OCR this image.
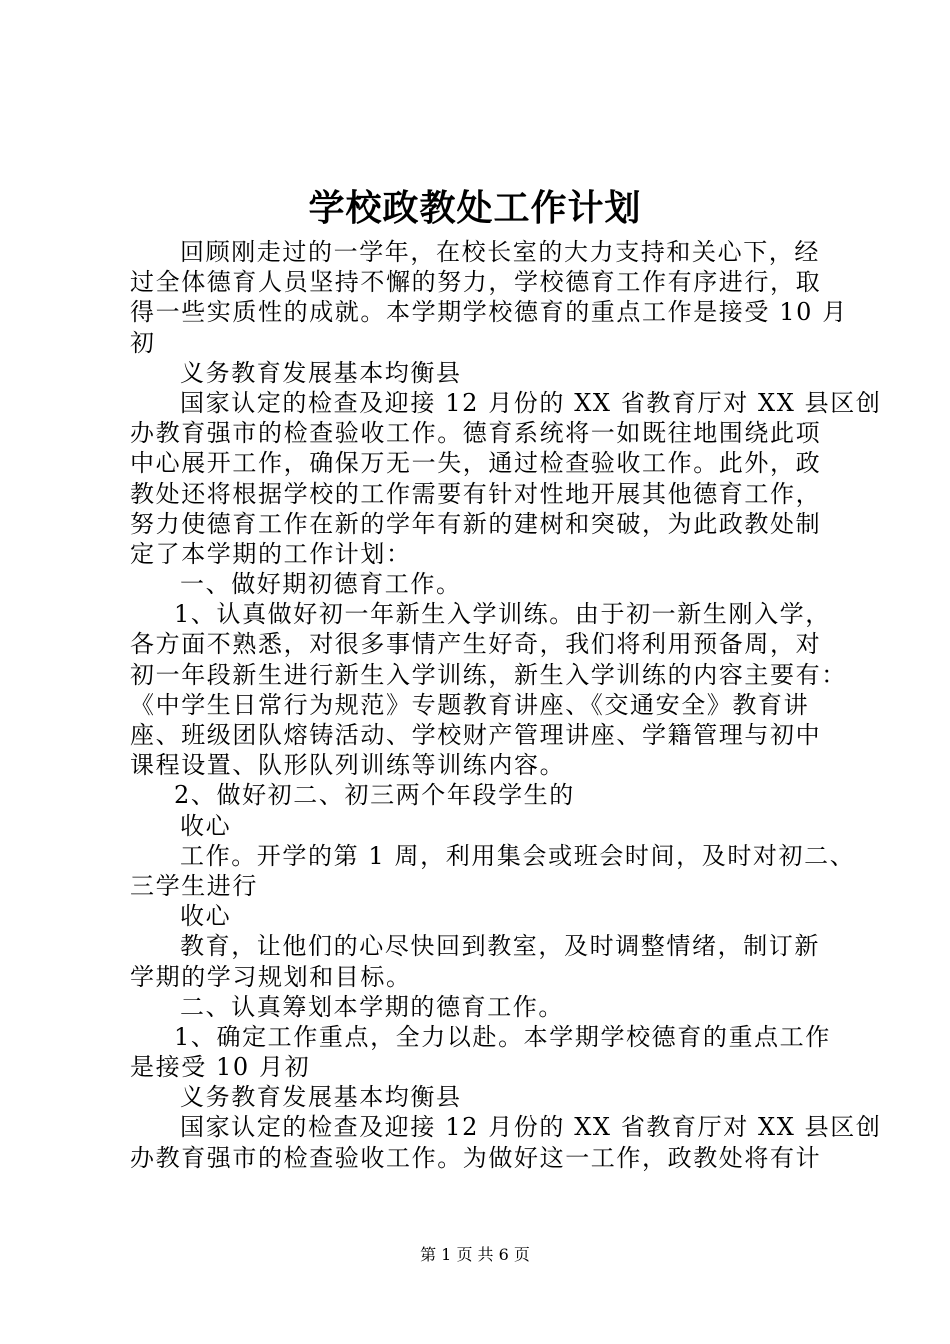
学校政教处工作计划
回顾刚走过的一学年，在校长室的大力支持和关心下，经
过全体德育人员坚持不懈的努力，学校德育工作有序进行，取
得一些实质性的成就。本学期学校德育的重点工作是接受 10 月
初
义务教育发展基本均衡县
国家认定的检查及迎接 12 月份的 XX 省教育厅对 XX 县区创
办教育强市的检查验收工作。德育系统将一如既往地围绕此项
中心展开工作，确保万无一失，通过检查验收工作。此外，政
教处还将根据学校的工作需要有针对性地开展其他德育工作，
努力使德育工作在新的学年有新的建树和突破，为此政教处制
定了本学期的工作计划：
一、做好期初德育工作。
1、认真做好初一年新生入学训练。由于初一新生刚入学，
各方面不熟悉，对很多事情产生好奇，我们将利用预备周，对
初一年段新生进行新生入学训练，新生入学训练的内容主要有：
《中学生日常行为规范》专题教育讲座、《交通安全》教育讲
座、班级团队熔铸活动、学校财产管理讲座、学籍管理与初中
课程设置、队形队列训练等训练内容。
2、做好初二、初三两个年段学生的
收心
工作。开学的第 1 周，利用集会或班会时间，及时对初二、
三学生进行
收心
教育，让他们的心尽快回到教室，及时调整情绪，制订新
学期的学习规划和目标。
二、认真筹划本学期的德育工作。
1、确定工作重点，全力以赴。本学期学校德育的重点工作
是接受 10 月初
义务教育发展基本均衡县
国家认定的检查及迎接 12 月份的 XX 省教育厅对 XX 县区创
办教育强市的检查验收工作。为做好这一工作，政教处将有计
第 1 页 共 6 页
